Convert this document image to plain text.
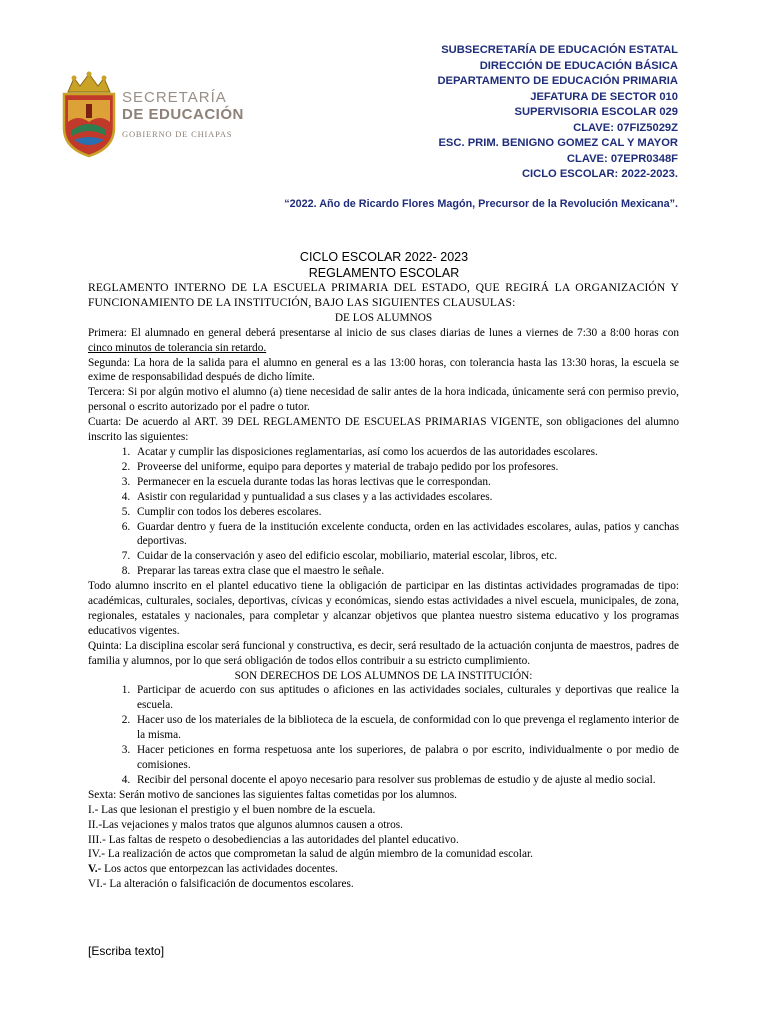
SECRETARÍA
DE EDUCACIÓN
GOBIERNO DE CHIAPAS
SUBSECRETARÍA DE EDUCACIÓN ESTATAL
DIRECCIÓN DE EDUCACIÓN BÁSICA
DEPARTAMENTO DE EDUCACIÓN PRIMARIA
JEFATURA DE SECTOR 010
SUPERVISORIA ESCOLAR 029
CLAVE: 07FIZ5029Z
ESC. PRIM. BENIGNO GOMEZ CAL Y MAYOR
CLAVE: 07EPR0348F
CICLO ESCOLAR: 2022-2023.
“2022. Año de Ricardo Flores Magón, Precursor de la Revolución Mexicana”.
CICLO ESCOLAR 2022- 2023
REGLAMENTO ESCOLAR
REGLAMENTO INTERNO DE LA ESCUELA PRIMARIA DEL ESTADO, QUE REGIRÁ LA ORGANIZACIÓN Y FUNCIONAMIENTO DE LA INSTITUCIÓN, BAJO LAS SIGUIENTES CLAUSULAS:
DE LOS ALUMNOS
Primera: El alumnado en general deberá presentarse al inicio de sus clases diarias de lunes a viernes de 7:30 a 8:00 horas con cinco minutos de tolerancia sin retardo.
Segunda: La hora de la salida para el alumno en general es a las 13:00 horas, con tolerancia hasta las 13:30 horas, la escuela se exime de responsabilidad después de dicho límite.
Tercera: Si por algún motivo el alumno (a) tiene necesidad de salir antes de la hora indicada, únicamente será con permiso previo, personal o escrito autorizado por el padre o tutor.
Cuarta: De acuerdo al ART. 39 DEL REGLAMENTO DE ESCUELAS PRIMARIAS VIGENTE, son obligaciones del alumno inscrito las siguientes:
1. Acatar y cumplir las disposiciones reglamentarias, así como los acuerdos de las autoridades escolares.
2. Proveerse del uniforme, equipo para deportes y material de trabajo pedido por los profesores.
3. Permanecer en la escuela durante todas las horas lectivas que le correspondan.
4. Asistir con regularidad y puntualidad a sus clases y a las actividades escolares.
5. Cumplir con todos los deberes escolares.
6. Guardar dentro y fuera de la institución excelente conducta, orden en las actividades escolares, aulas, patios y canchas deportivas.
7. Cuidar de la conservación y aseo del edificio escolar, mobiliario, material escolar, libros, etc.
8. Preparar las tareas extra clase que el maestro le señale.
Todo alumno inscrito en el plantel educativo tiene la obligación de participar en las distintas actividades programadas de tipo: académicas, culturales, sociales, deportivas, cívicas y económicas, siendo estas actividades a nivel escuela, municipales, de zona, regionales, estatales y nacionales, para completar y alcanzar objetivos que plantea nuestro sistema educativo y los programas educativos vigentes.
Quinta: La disciplina escolar será funcional y constructiva, es decir, será resultado de la actuación conjunta de maestros, padres de familia y alumnos, por lo que será obligación de todos ellos contribuir a su estricto cumplimiento.
SON DERECHOS DE LOS ALUMNOS DE LA INSTITUCIÓN:
1. Participar de acuerdo con sus aptitudes o aficiones en las actividades sociales, culturales y deportivas que realice la escuela.
2. Hacer uso de los materiales de la biblioteca de la escuela, de conformidad con lo que prevenga el reglamento interior de la misma.
3. Hacer peticiones en forma respetuosa ante los superiores, de palabra o por escrito, individualmente o por medio de comisiones.
4. Recibir del personal docente el apoyo necesario para resolver sus problemas de estudio y de ajuste al medio social.
Sexta: Serán motivo de sanciones las siguientes faltas cometidas por los alumnos.
I.- Las que lesionan el prestigio y el buen nombre de la escuela.
II.-Las vejaciones y malos tratos que algunos alumnos causen a otros.
III.- Las faltas de respeto o desobediencias a las autoridades del plantel educativo.
IV.- La realización de actos que comprometan la salud de algún miembro de la comunidad escolar.
V.- Los actos que entorpezcan las actividades docentes.
VI.- La alteración o falsificación de documentos escolares.
[Escriba texto]
